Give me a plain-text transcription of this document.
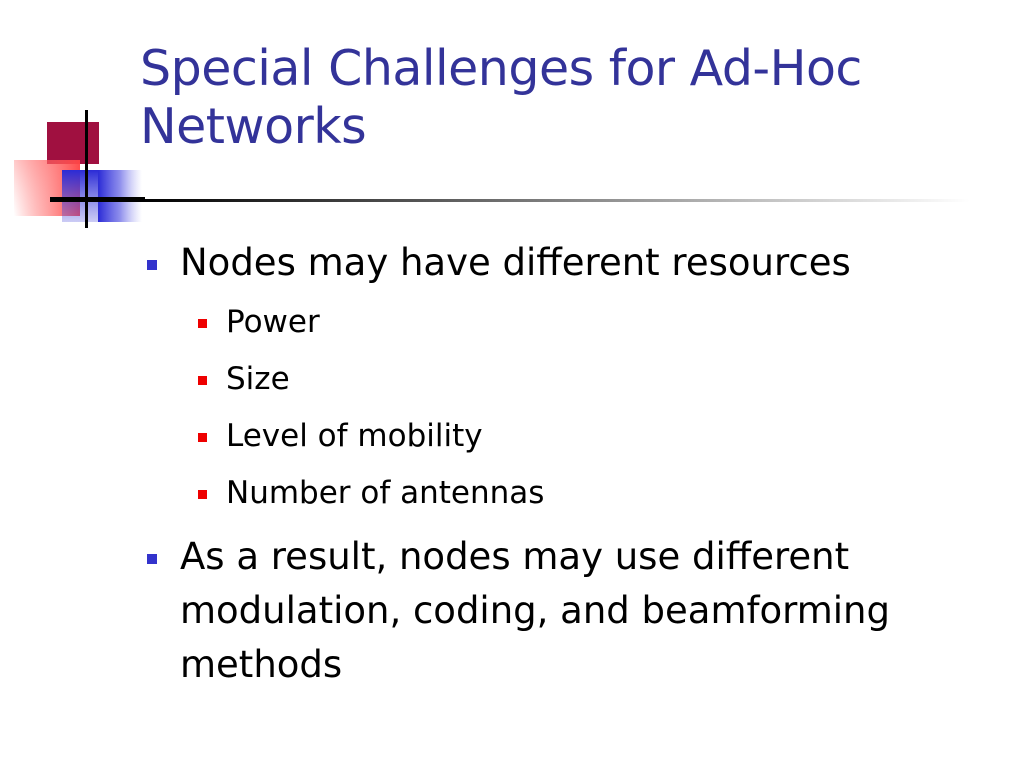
Special Challenges for Ad-Hoc Networks
Nodes may have different resources
Power
Size
Level of mobility
Number of antennas
As a result, nodes may use different modulation, coding, and beamforming methods
